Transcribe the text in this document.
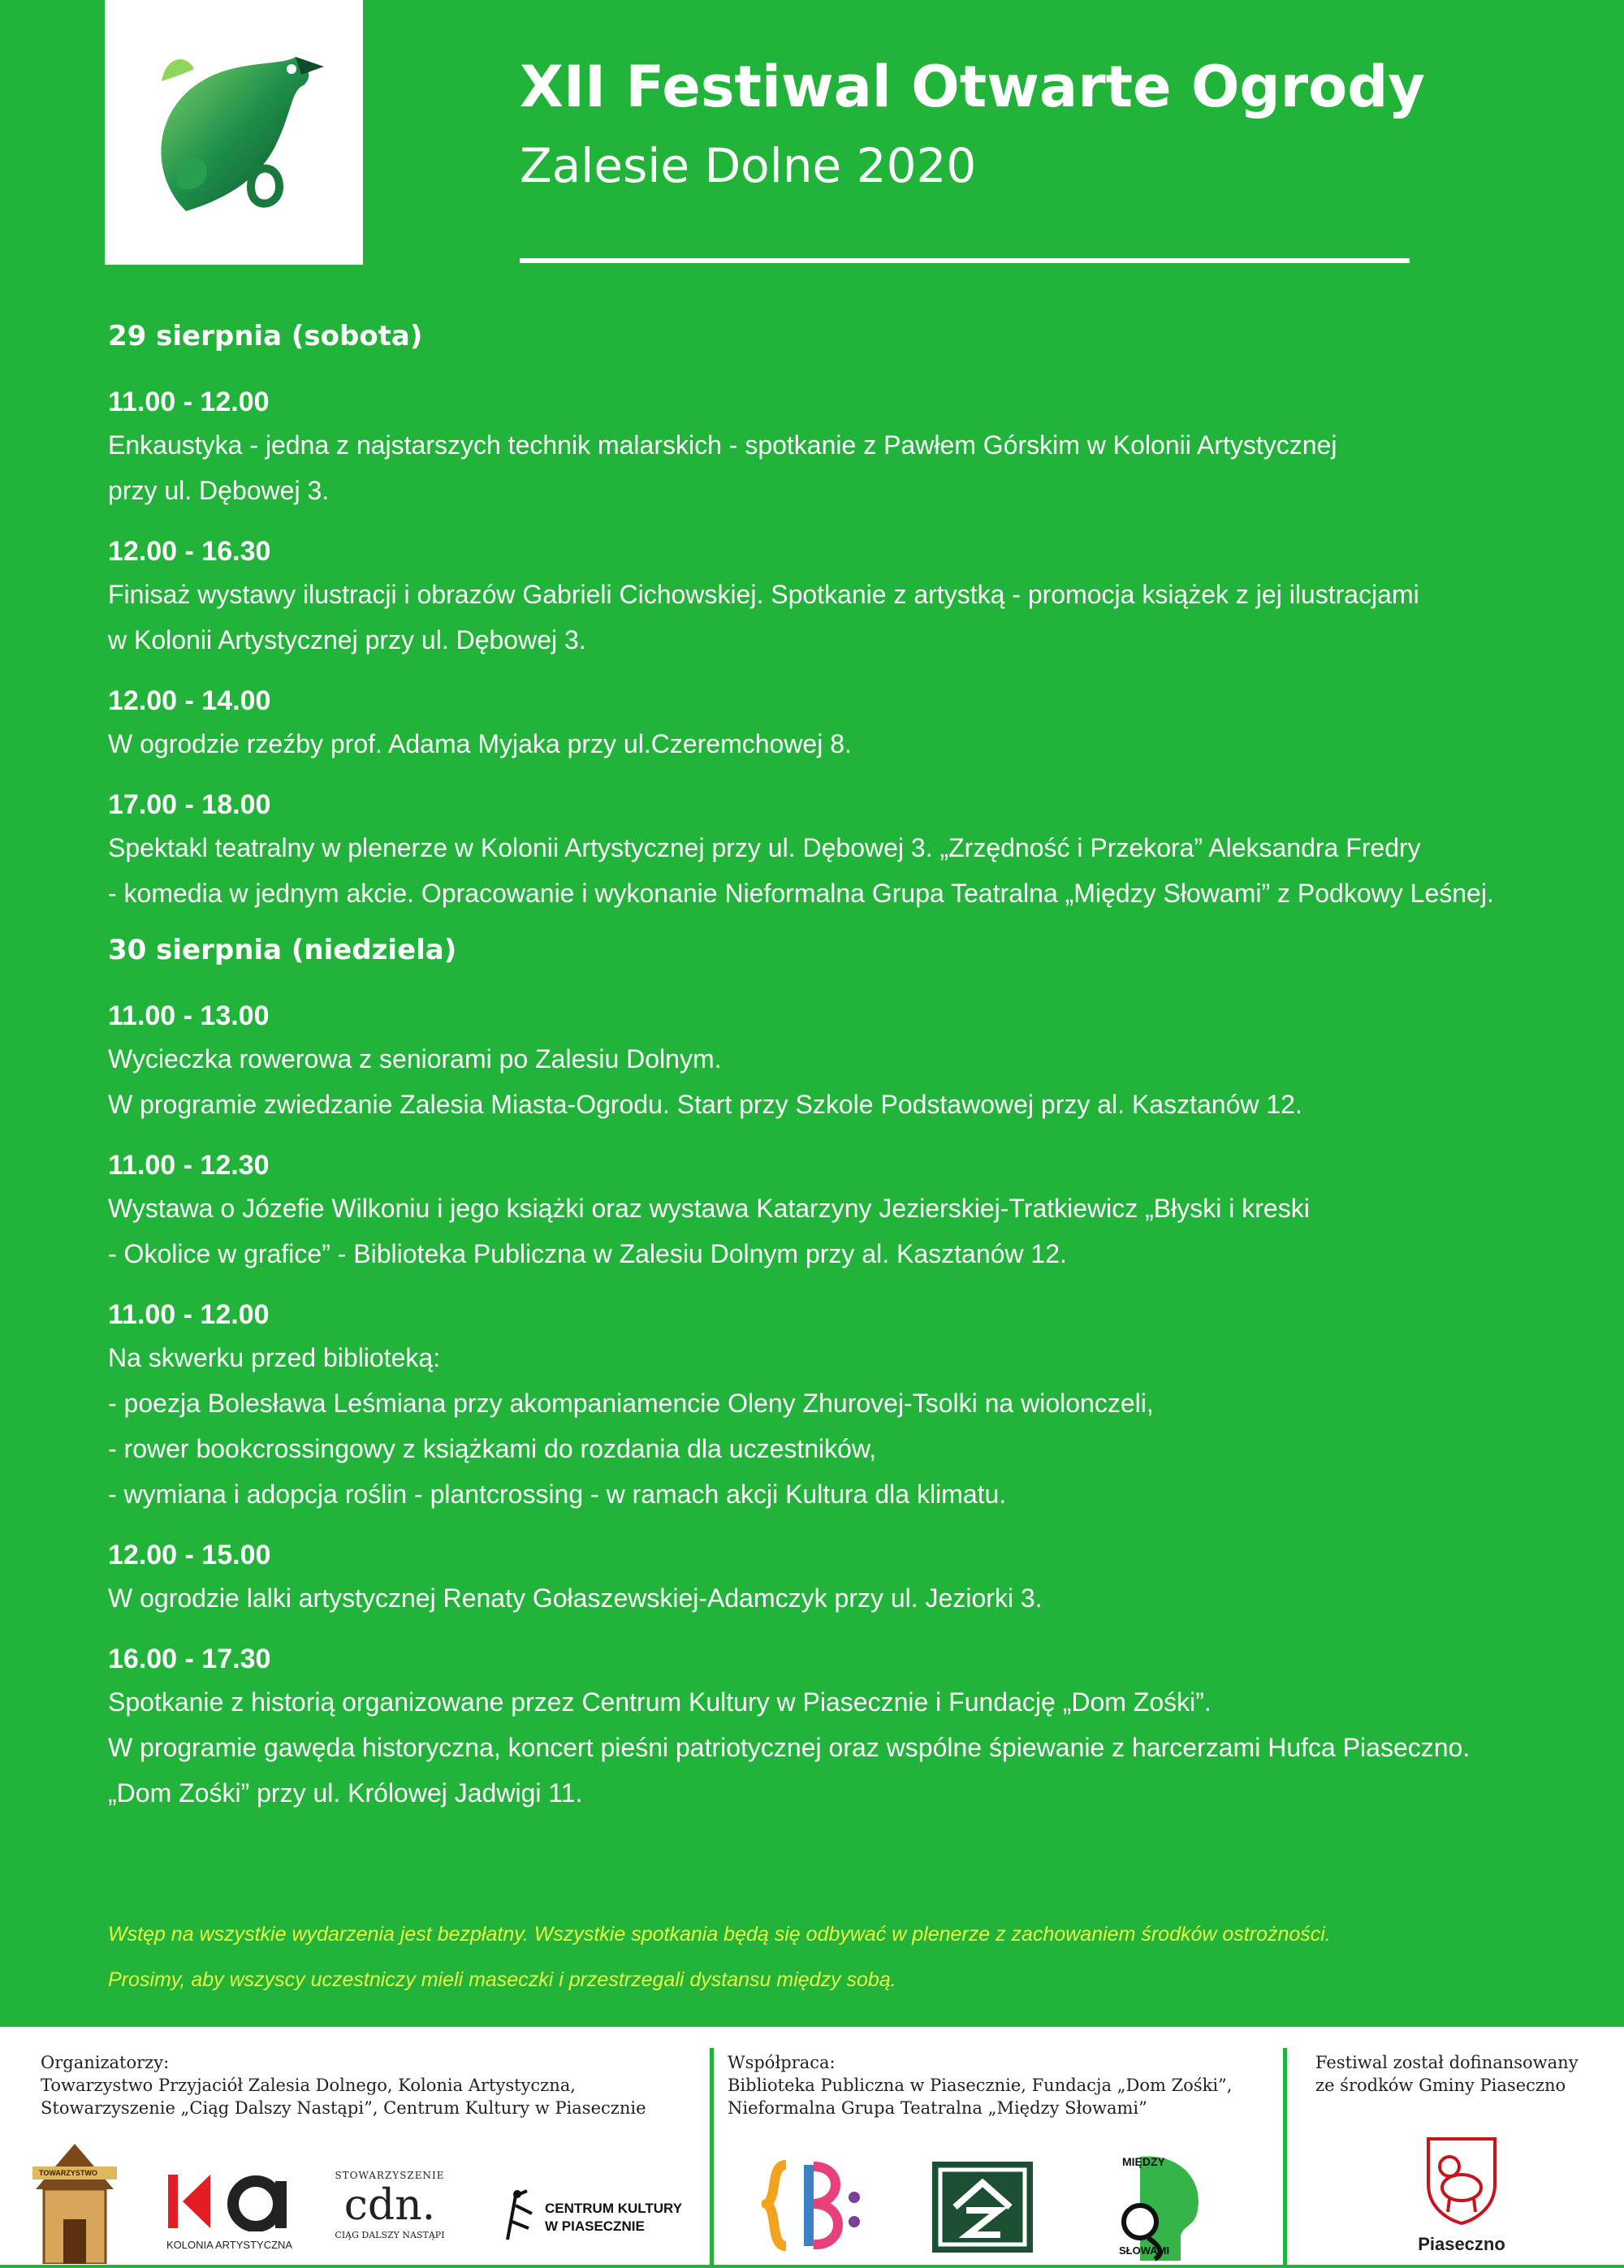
XII Festiwal Otwarte Ogrody
Zalesie Dolne 2020
29 sierpnia (sobota)
11.00 - 12.00
Enkaustyka - jedna z najstarszych technik malarskich - spotkanie z Pawłem Górskim w Kolonii Artystycznej
przy ul. Dębowej 3.
12.00 - 16.30
Finisaż wystawy ilustracji i obrazów Gabrieli Cichowskiej. Spotkanie z artystką - promocja książek z jej ilustracjami
w Kolonii Artystycznej przy ul. Dębowej 3.
12.00 - 14.00
W ogrodzie rzeźby prof. Adama Myjaka przy ul.Czeremchowej 8.
17.00 - 18.00
Spektakl teatralny w plenerze w Kolonii Artystycznej przy ul. Dębowej 3. „Zrzędność i Przekora” Aleksandra Fredry
- komedia w jednym akcie. Opracowanie i wykonanie Nieformalna Grupa Teatralna „Między Słowami” z Podkowy Leśnej.
30 sierpnia (niedziela)
11.00 - 13.00
Wycieczka rowerowa z seniorami po Zalesiu Dolnym.
W programie zwiedzanie Zalesia Miasta-Ogrodu. Start przy Szkole Podstawowej przy al. Kasztanów 12.
11.00 - 12.30
Wystawa o Józefie Wilkoniu i jego książki oraz wystawa Katarzyny Jezierskiej-Tratkiewicz „Błyski i kreski
- Okolice w grafice” - Biblioteka Publiczna w Zalesiu Dolnym przy al. Kasztanów 12.
11.00 - 12.00
Na skwerku przed biblioteką:
- poezja Bolesława Leśmiana przy akompaniamencie Oleny Zhurovej-Tsolki na wiolonczeli,
- rower bookcrossingowy z książkami do rozdania dla uczestników,
- wymiana i adopcja roślin - plantcrossing - w ramach akcji Kultura dla klimatu.
12.00 - 15.00
W ogrodzie lalki artystycznej Renaty Gołaszewskiej-Adamczyk przy ul. Jeziorki 3.
16.00 - 17.30
Spotkanie z historią organizowane przez Centrum Kultury w Piasecznie i Fundację „Dom Zośki”.
W programie gawęda historyczna, koncert pieśni patriotycznej oraz wspólne śpiewanie z harcerzami Hufca Piaseczno.
„Dom Zośki” przy ul. Królowej Jadwigi 11.
Wstęp na wszystkie wydarzenia jest bezpłatny. Wszystkie spotkania będą się odbywać w plenerze z zachowaniem środków ostrożności.
Prosimy, aby wszyscy uczestniczy mieli maseczki i przestrzegali dystansu między sobą.
Organizatorzy:
Towarzystwo Przyjaciół Zalesia Dolnego, Kolonia Artystyczna,
Stowarzyszenie „Ciąg Dalszy Nastąpi”, Centrum Kultury w Piasecznie
Współpraca:
Biblioteka Publiczna w Piasecznie, Fundacja „Dom Zośki”,
Nieformalna Grupa Teatralna „Między Słowami”
Festiwal został dofinansowany
ze środków Gminy Piaseczno
TOWARZYSTWO
KOLONIA ARTYSTYCZNA
STOWARZYSZENIE
cdn.
CIĄG DALSZY NASTĄPI
CENTRUM KULTURY
W PIASECZNIE
MIĘDZY
SŁOWAMI	Piaseczno
